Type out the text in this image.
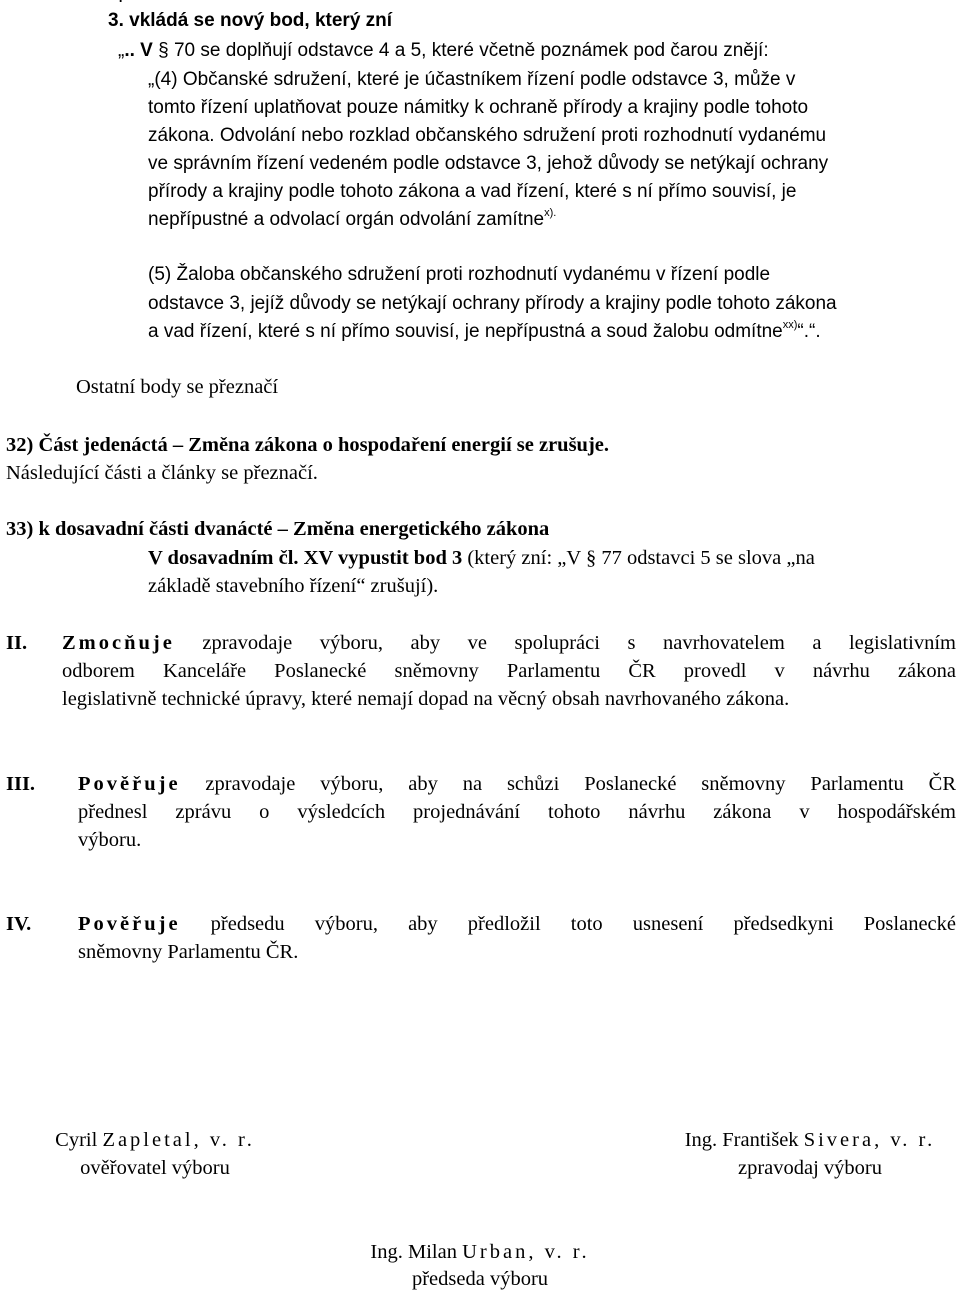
3. vkládá se nový bod, který zní
„.. V § 70 se doplňují odstavce 4 a 5, které včetně poznámek pod čarou znějí:
„(4) Občanské sdružení, které je účastníkem řízení podle odstavce 3, může v
tomto řízení uplatňovat pouze námitky k ochraně přírody a krajiny podle tohoto
zákona. Odvolání nebo rozklad občanského sdružení proti rozhodnutí vydanému
ve správním řízení vedeném podle odstavce 3, jehož důvody se netýkají ochrany
přírody a krajiny podle tohoto zákona a vad řízení, které s ní přímo souvisí, je
nepřípustné a odvolací orgán odvolání zamítne$^{x).}$
(5) Žaloba občanského sdružení proti rozhodnutí vydanému v řízení podle
odstavce 3, jejíž důvody se netýkají ochrany přírody a krajiny podle tohoto zákona
a vad řízení, které s ní přímo souvisí, je nepřípustná a soud žalobu odmítne$^{xx)}$“.“.
Ostatní body se přeznačí
32) Část jedenáctá – Změna zákona o hospodaření energií se zrušuje.
Následující části a články se přeznačí.
33) k dosavadní části dvanácté – Změna energetického zákona
V dosavadním čl. XV vypustit bod 3 (který zní: „V § 77 odstavci 5 se slova „na
základě stavebního řízení“ zrušují).
II. Zmocňuje zpravodaje výboru, aby ve spolupráci s navrhovatelem a legislativním
odborem Kanceláře Poslanecké sněmovny Parlamentu ČR provedl v návrhu zákona
legislativně technické úpravy, které nemají dopad na věcný obsah navrhovaného zákona.
III. Pověřuje zpravodaje výboru, aby na schůzi Poslanecké sněmovny Parlamentu ČR
přednesl zprávu o výsledcích projednávání tohoto návrhu zákona v hospodářském
výboru.
IV. Pověřuje předsedu výboru, aby předložil toto usnesení předsedkyni Poslanecké
sněmovny Parlamentu ČR.
Cyril Zapletal, v. r.
ověřovatel výboru
Ing. František Sivera, v. r.
zpravodaj výboru
Ing. Milan Urban, v. r.
předseda výboru
